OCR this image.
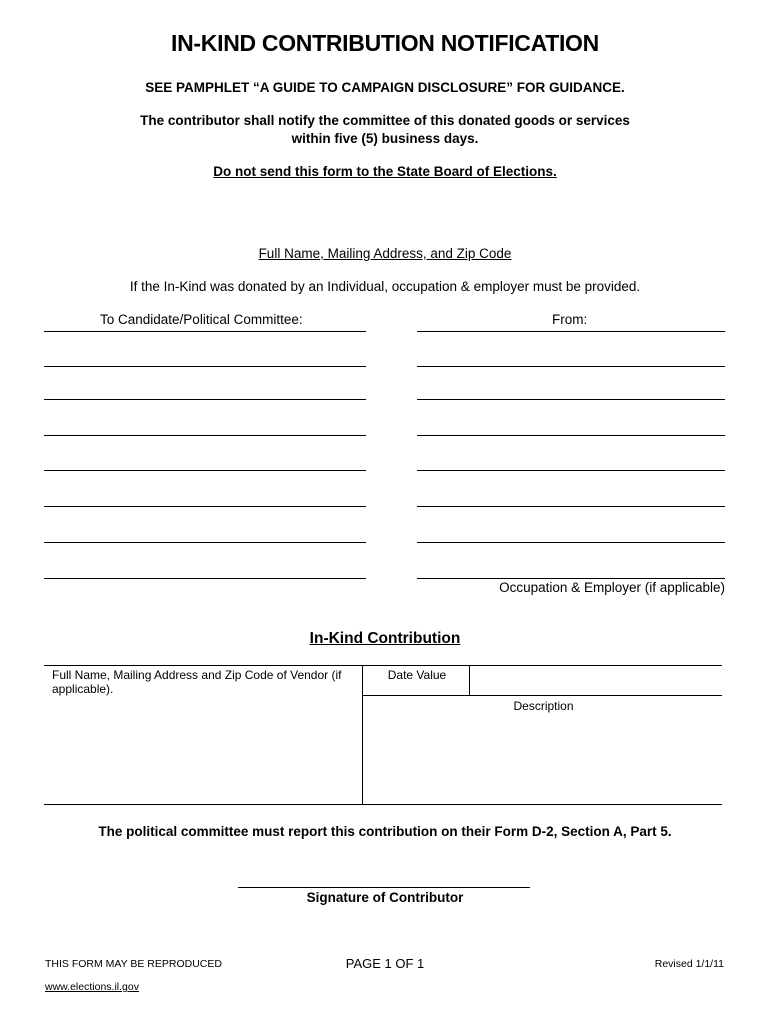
IN-KIND CONTRIBUTION NOTIFICATION
SEE PAMPHLET “A GUIDE TO CAMPAIGN DISCLOSURE” FOR GUIDANCE.
The contributor shall notify the committee of this donated goods or services
within five (5) business days.
Do not send this form to the State Board of Elections.
Full Name, Mailing Address, and Zip Code
If the In-Kind was donated by an Individual, occupation & employer must be provided.
To Candidate/Political Committee:	From:
Occupation & Employer (if applicable)
In-Kind Contribution
Full Name, Mailing Address and Zip Code of Vendor (if applicable).
Date Value
Description
The political committee must report this contribution on their Form D-2, Section A, Part 5.
Signature of Contributor
THIS FORM MAY BE REPRODUCED	PAGE 1 OF 1	Revised 1/1/11
www.elections.il.gov
